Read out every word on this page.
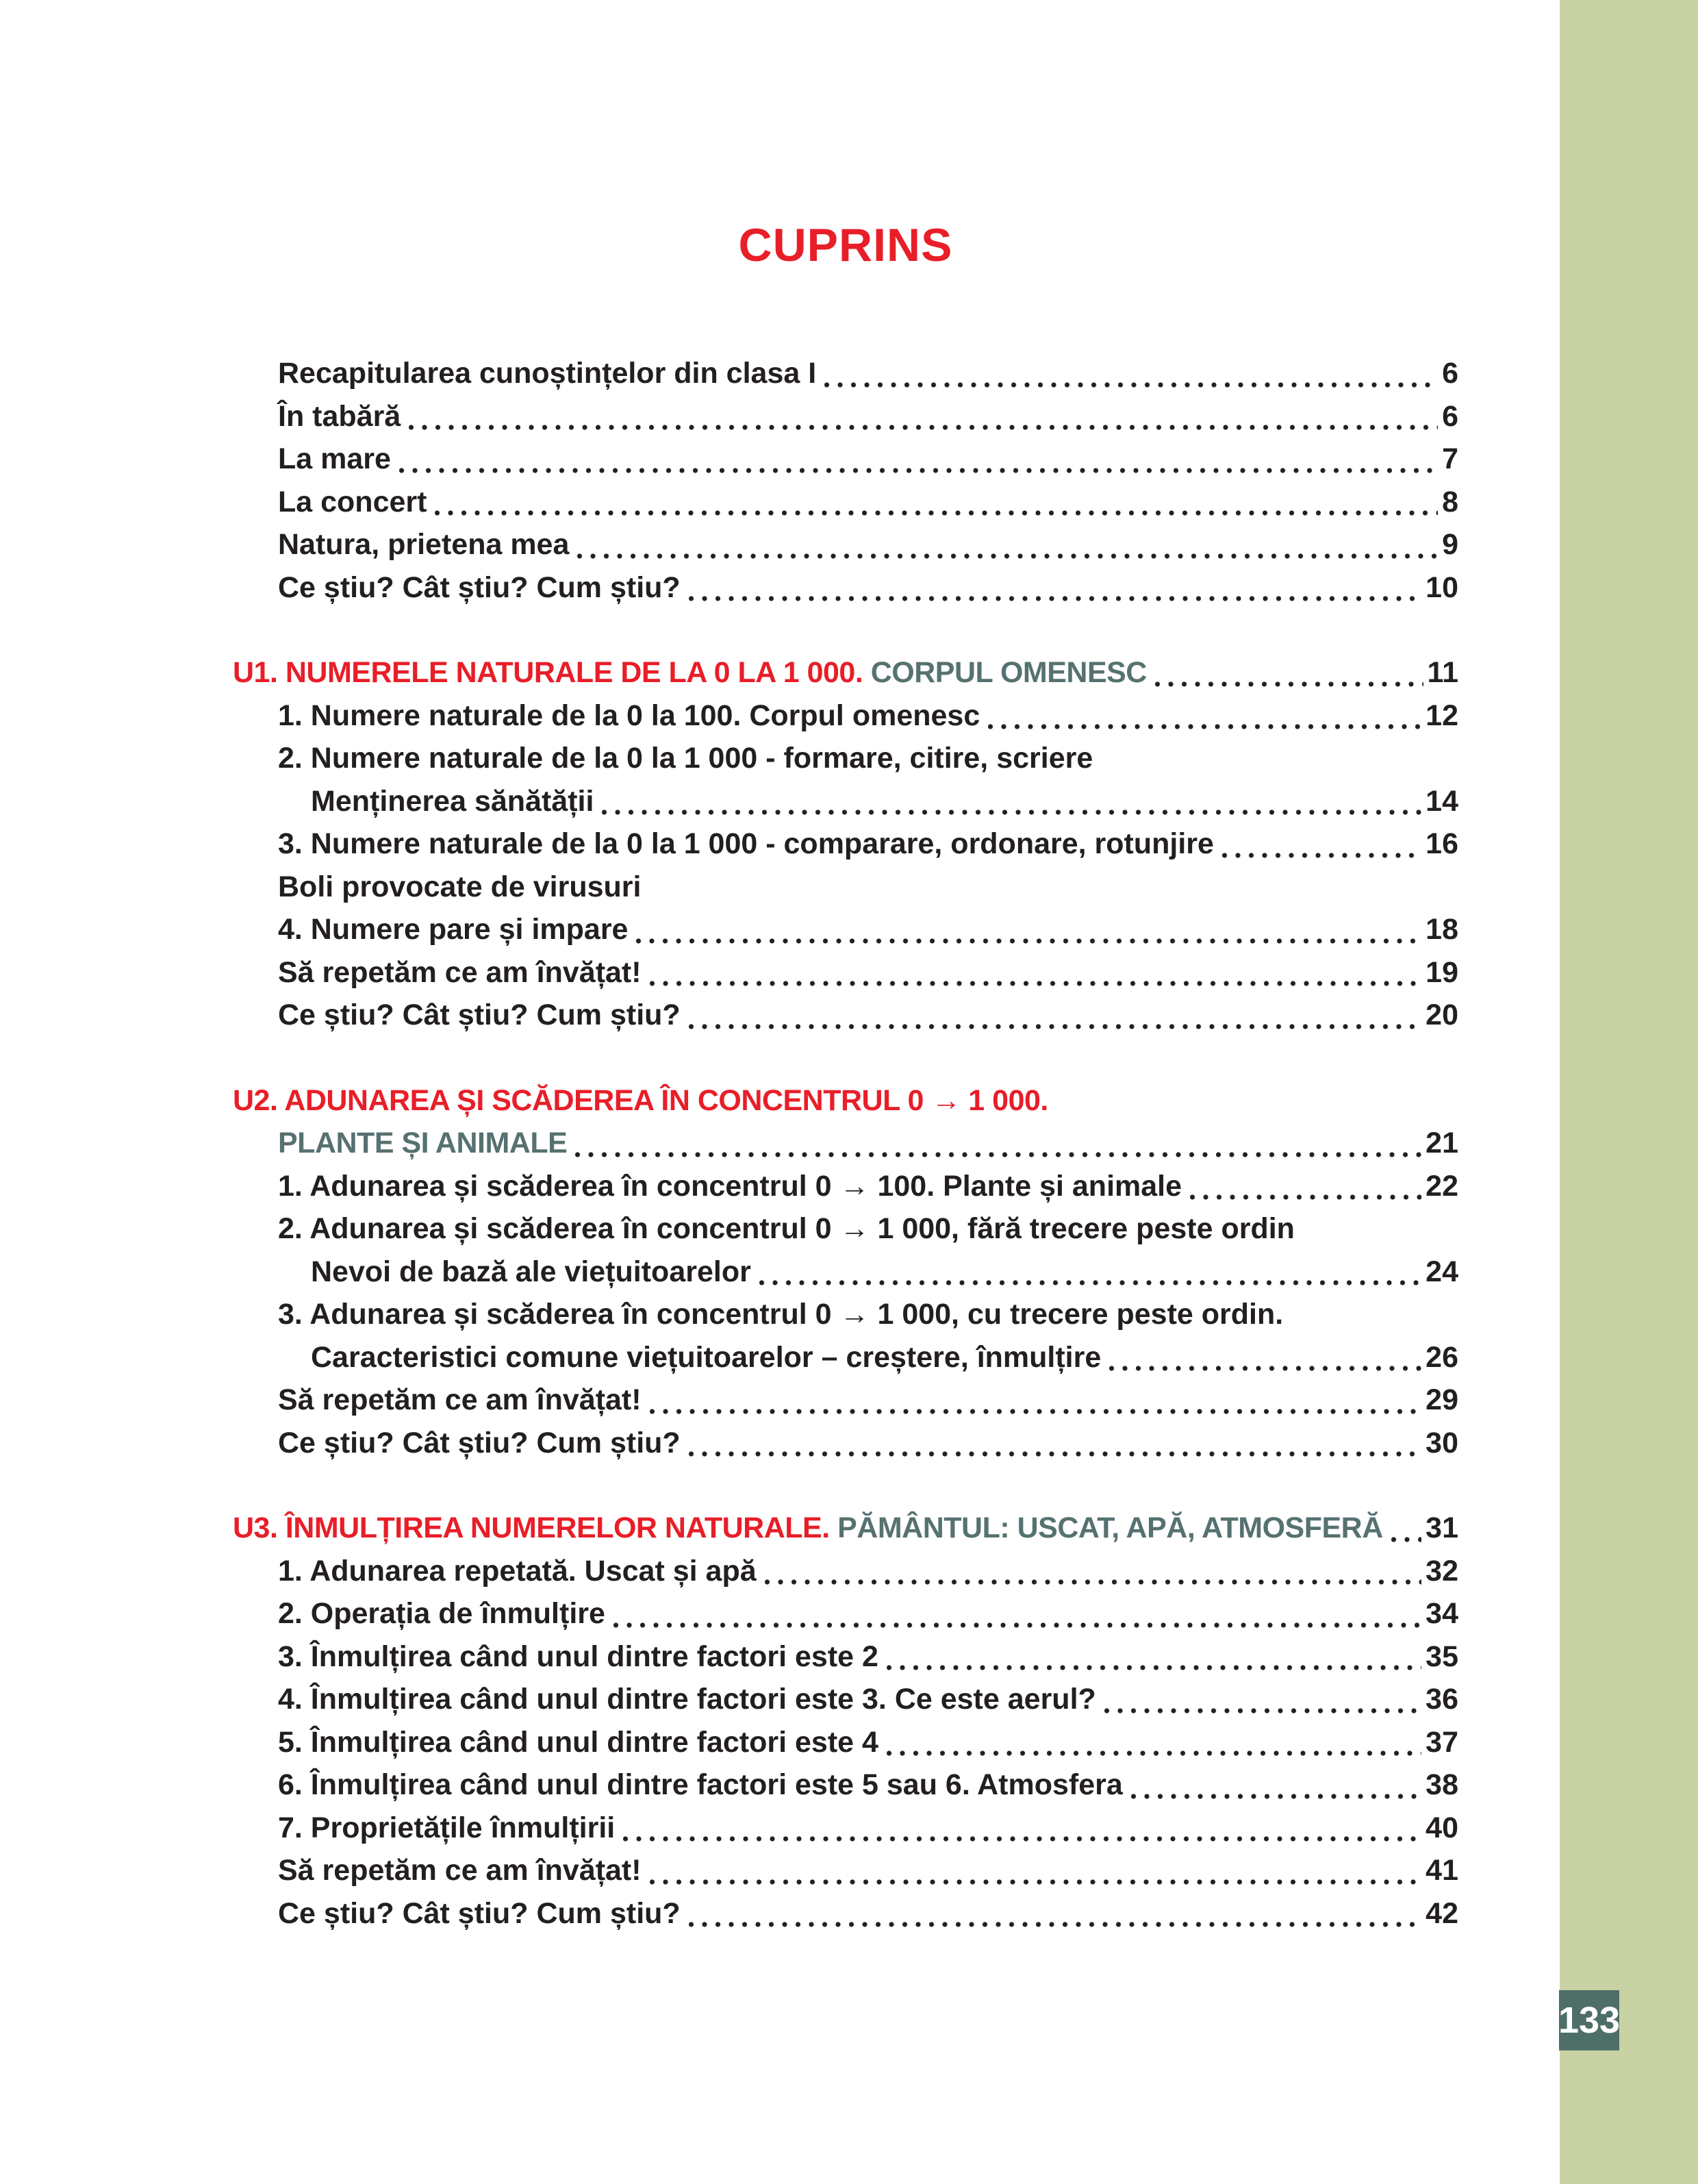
133
CUPRINS
Recapitularea cunoștințelor din clasa I	6
În tabără	6
La mare	7
La concert	8
Natura, prietena mea	9
Ce știu? Cât știu? Cum știu?	10
U1. NUMERELE NATURALE DE LA 0 LA 1 000. CORPUL OMENESC	11
1. Numere naturale de la 0 la 100. Corpul omenesc	12
2. Numere naturale de la 0 la 1 000 - formare, citire, scriere
Menținerea sănătății	14
3. Numere naturale de la 0 la 1 000 - comparare, ordonare, rotunjire	16
Boli provocate de virusuri
4. Numere pare și impare	18
Să repetăm ce am învățat!	19
Ce știu? Cât știu? Cum știu?	20
U2. ADUNAREA ȘI SCĂDEREA ÎN CONCENTRUL 0 → 1 000.
PLANTE ȘI ANIMALE	21
1. Adunarea și scăderea în concentrul 0 → 100. Plante și animale	22
2. Adunarea și scăderea în concentrul 0 → 1 000, fără trecere peste ordin
Nevoi de bază ale viețuitoarelor	24
3. Adunarea și scăderea în concentrul 0 → 1 000, cu trecere peste ordin.
Caracteristici comune viețuitoarelor – creștere, înmulțire	26
Să repetăm ce am învățat!	29
Ce știu? Cât știu? Cum știu?	30
U3. ÎNMULȚIREA NUMERELOR NATURALE. PĂMÂNTUL: USCAT, APĂ, ATMOSFERĂ 31
1. Adunarea repetată. Uscat și apă	32
2. Operația de înmulțire	34
3. Înmulțirea când unul dintre factori este 2	35
4. Înmulțirea când unul dintre factori este 3. Ce este aerul?	36
5. Înmulțirea când unul dintre factori este 4	37
6. Înmulțirea când unul dintre factori este 5 sau 6. Atmosfera	38
7. Proprietățile înmulțirii	40
Să repetăm ce am învățat!	41
Ce știu? Cât știu? Cum știu?	42
